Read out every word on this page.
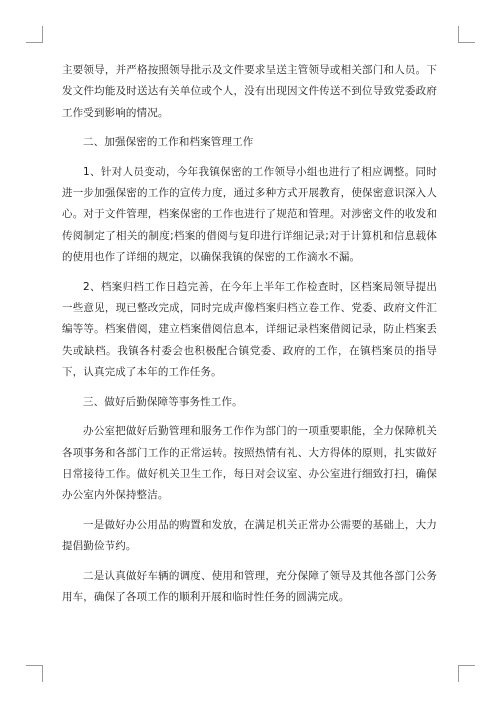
主要领导，并严格按照领导批示及文件要求呈送主管领导或相关部门和人员。下发文件均能及时送达有关单位或个人，没有出现因文件传送不到位导致党委政府工作受到影响的情况。

二、加强保密的工作和档案管理工作

1、针对人员变动，今年我镇保密的工作领导小组也进行了相应调整。同时进一步加强保密的工作的宣传力度，通过多种方式开展教育，使保密意识深入人心。对于文件管理，档案保密的工作也进行了规范和管理。对涉密文件的收发和传阅制定了相关的制度;档案的借阅与复印进行详细记录;对于计算机和信息载体的使用也作了详细的规定，以确保我镇的保密的工作滴水不漏。

2、档案归档工作日趋完善，在今年上半年工作检查时，区档案局领导提出一些意见，现已整改完成，同时完成声像档案归档立卷工作、党委、政府文件汇编等等。档案借阅，建立档案借阅信息本，详细记录档案借阅记录，防止档案丢失或缺档。我镇各村委会也积极配合镇党委、政府的工作，在镇档案员的指导下，认真完成了本年的工作任务。

三、做好后勤保障等事务性工作。

办公室把做好后勤管理和服务工作作为部门的一项重要职能，全力保障机关各项事务和各部门工作的正常运转。按照热情有礼、大方得体的原则，扎实做好日常接待工作。做好机关卫生工作，每日对会议室、办公室进行细致打扫，确保办公室内外保持整洁。

一是做好办公用品的购置和发放，在满足机关正常办公需要的基础上，大力提倡勤俭节约。

二是认真做好车辆的调度、使用和管理，充分保障了领导及其他各部门公务用车，确保了各项工作的顺利开展和临时性任务的圆满完成。
